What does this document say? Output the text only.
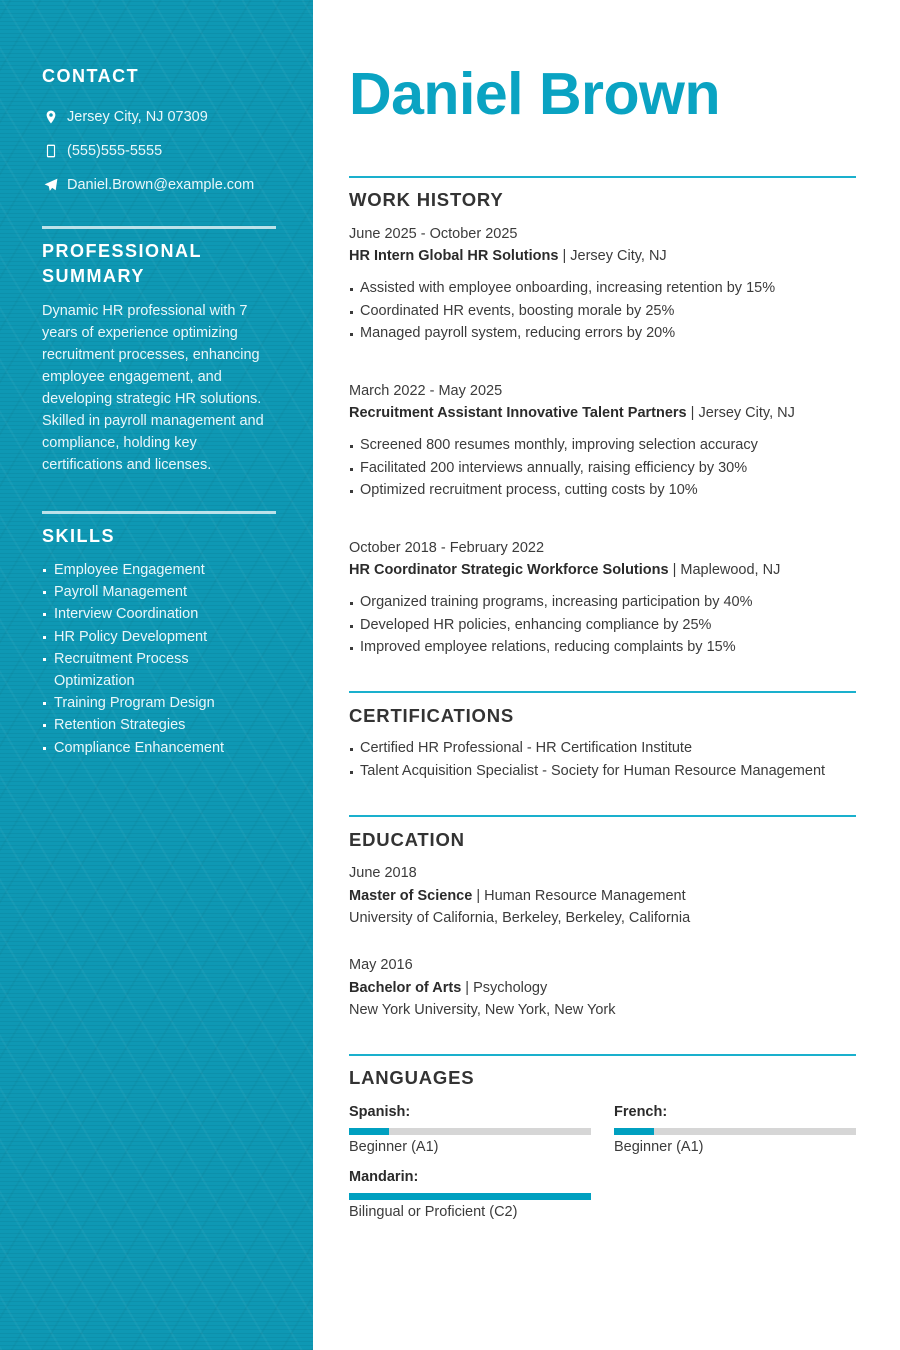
CONTACT
Jersey City, NJ 07309
(555)555-5555
Daniel.Brown@example.com
PROFESSIONAL SUMMARY

Dynamic HR professional with 7 years of experience optimizing recruitment processes, enhancing employee engagement, and developing strategic HR solutions. Skilled in payroll management and compliance, holding key certifications and licenses.

SKILLS
Employee Engagement
Payroll Management
Interview Coordination
HR Policy Development
Recruitment Process Optimization
Training Program Design
Retention Strategies
Compliance Enhancement
Daniel Brown
WORK HISTORY
June 2025 - October 2025
HR Intern Global HR Solutions | Jersey City, NJ
Assisted with employee onboarding, increasing retention by 15%
Coordinated HR events, boosting morale by 25%
Managed payroll system, reducing errors by 20%
March 2022 - May 2025
Recruitment Assistant Innovative Talent Partners | Jersey City, NJ
Screened 800 resumes monthly, improving selection accuracy
Facilitated 200 interviews annually, raising efficiency by 30%
Optimized recruitment process, cutting costs by 10%
October 2018 - February 2022
HR Coordinator Strategic Workforce Solutions | Maplewood, NJ
Organized training programs, increasing participation by 40%
Developed HR policies, enhancing compliance by 25%
Improved employee relations, reducing complaints by 15%
CERTIFICATIONS
Certified HR Professional - HR Certification Institute
Talent Acquisition Specialist - Society for Human Resource Management
EDUCATION
June 2018
Master of Science | Human Resource Management
University of California, Berkeley, Berkeley, California
May 2016
Bachelor of Arts | Psychology
New York University, New York, New York
LANGUAGES
Spanish:
Beginner (A1)
French:
Beginner (A1)
Mandarin:
Bilingual or Proficient (C2)
